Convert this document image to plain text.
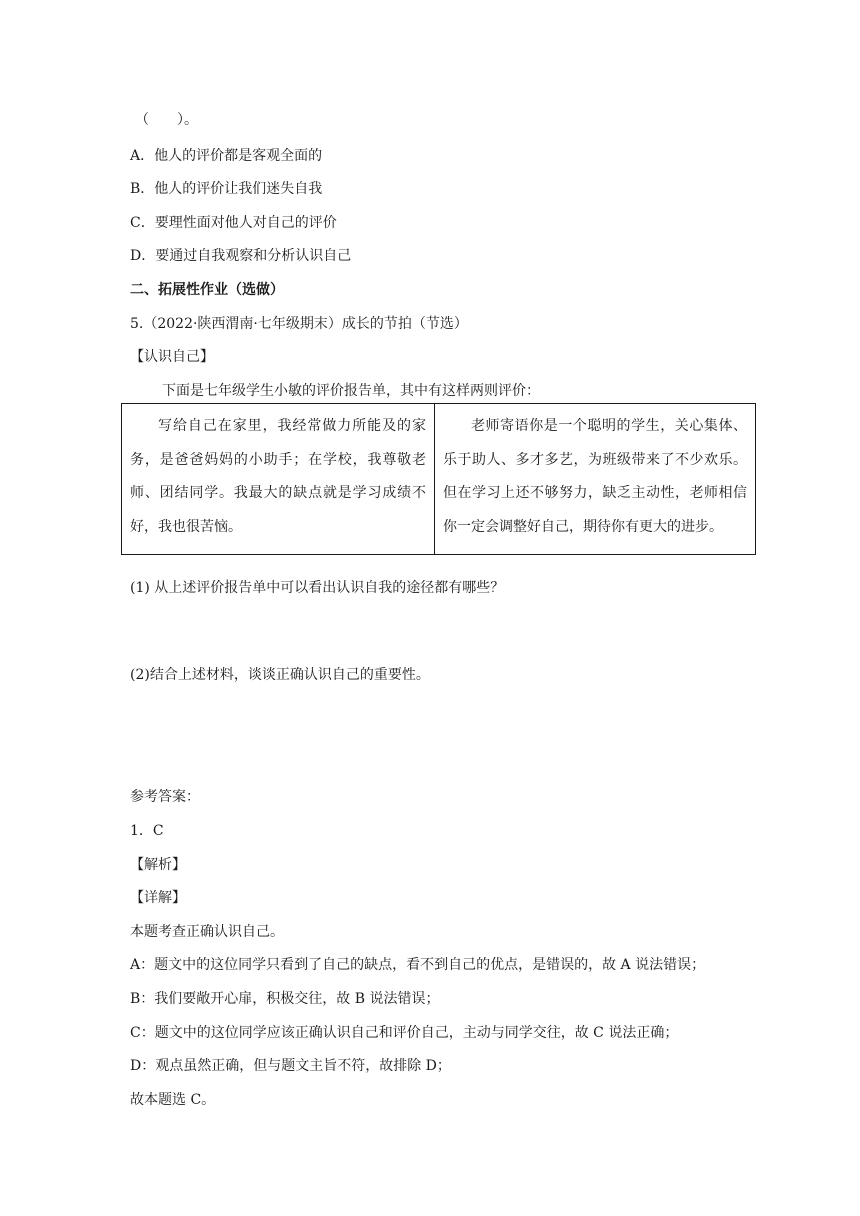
（　　）。
A．他人的评价都是客观全面的
B．他人的评价让我们迷失自我
C．要理性面对他人对自己的评价
D．要通过自我观察和分析认识自己
二、拓展性作业（选做）
5.（2022·陕西渭南·七年级期末）成长的节拍（节选）
【认识自己】
下面是七年级学生小敏的评价报告单，其中有这样两则评价：
写给自己在家里，我经常做力所能及的家务，是爸爸妈妈的小助手；在学校，我尊敬老师、团结同学。我最大的缺点就是学习成绩不好，我也很苦恼。	老师寄语你是一个聪明的学生，关心集体、乐于助人、多才多艺，为班级带来了不少欢乐。但在学习上还不够努力，缺乏主动性，老师相信你一定会调整好自己，期待你有更大的进步。
(1) 从上述评价报告单中可以看出认识自我的途径都有哪些？
(2)结合上述材料，谈谈正确认识自己的重要性。
参考答案：
1．C
【解析】
【详解】
本题考查正确认识自己。
A：题文中的这位同学只看到了自己的缺点，看不到自己的优点，是错误的，故 A 说法错误；
B：我们要敞开心扉，积极交往，故 B 说法错误；
C：题文中的这位同学应该正确认识自己和评价自己，主动与同学交往，故 C 说法正确；
D：观点虽然正确，但与题文主旨不符，故排除 D；
故本题选 C。
